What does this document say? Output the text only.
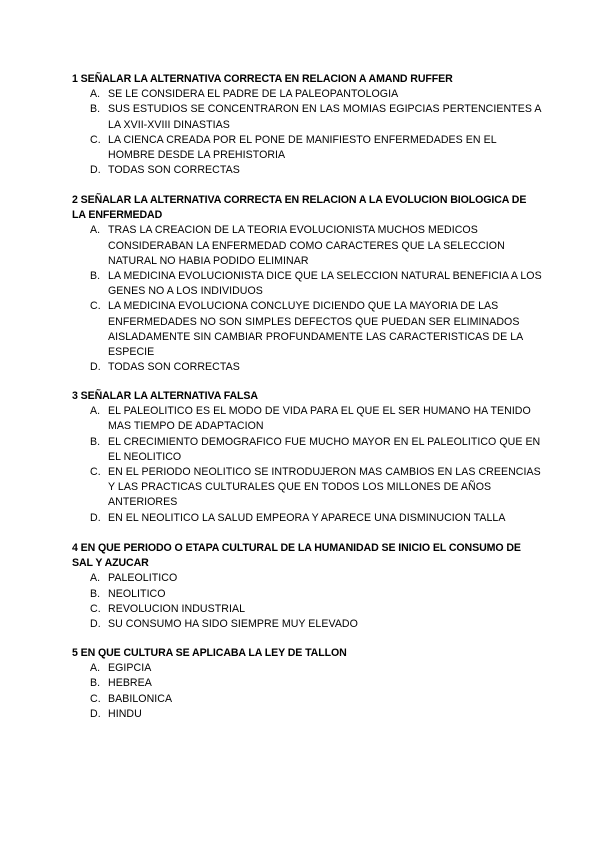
1 SEÑALAR LA ALTERNATIVA CORRECTA EN RELACION A AMAND RUFFER

A. SE LE CONSIDERA EL PADRE DE LA PALEOPANTOLOGIA
B. SUS ESTUDIOS SE CONCENTRARON EN LAS MOMIAS EGIPCIAS PERTENCIENTES A LA XVII-XVIII DINASTIAS
C. LA CIENCA CREADA POR EL PONE DE MANIFIESTO ENFERMEDADES EN EL HOMBRE DESDE LA PREHISTORIA
D. TODAS SON CORRECTAS

2 SEÑALAR LA ALTERNATIVA CORRECTA EN RELACION A LA EVOLUCION BIOLOGICA DE LA ENFERMEDAD

A. TRAS LA CREACION DE LA TEORIA EVOLUCIONISTA MUCHOS MEDICOS CONSIDERABAN LA ENFERMEDAD COMO CARACTERES QUE LA SELECCION NATURAL NO HABIA PODIDO ELIMINAR
B. LA MEDICINA EVOLUCIONISTA DICE QUE LA SELECCION NATURAL BENEFICIA A LOS GENES NO A LOS INDIVIDUOS
C. LA MEDICINA EVOLUCIONA CONCLUYE DICIENDO QUE LA MAYORIA DE LAS ENFERMEDADES NO SON SIMPLES DEFECTOS QUE PUEDAN SER ELIMINADOS AISLADAMENTE SIN CAMBIAR PROFUNDAMENTE LAS CARACTERISTICAS DE LA ESPECIE
D. TODAS SON CORRECTAS

3 SEÑALAR LA ALTERNATIVA FALSA

A. EL PALEOLITICO ES EL MODO DE VIDA PARA EL QUE EL SER HUMANO HA TENIDO MAS TIEMPO DE ADAPTACION
B. EL CRECIMIENTO DEMOGRAFICO FUE MUCHO MAYOR EN EL PALEOLITICO QUE EN EL NEOLITICO
C. EN EL PERIODO NEOLITICO SE INTRODUJERON MAS CAMBIOS EN LAS CREENCIAS Y LAS PRACTICAS CULTURALES QUE EN TODOS LOS MILLONES DE AÑOS ANTERIORES
D. EN EL NEOLITICO LA SALUD EMPEORA Y APARECE UNA DISMINUCION TALLA

4 EN QUE PERIODO O ETAPA CULTURAL DE LA HUMANIDAD SE INICIO EL CONSUMO DE SAL Y AZUCAR

A. PALEOLITICO
B. NEOLITICO
C. REVOLUCION INDUSTRIAL
D. SU CONSUMO HA SIDO SIEMPRE MUY ELEVADO

5 EN QUE CULTURA SE APLICABA LA LEY DE TALLON

A. EGIPCIA
B. HEBREA
C. BABILONICA
D. HINDU
